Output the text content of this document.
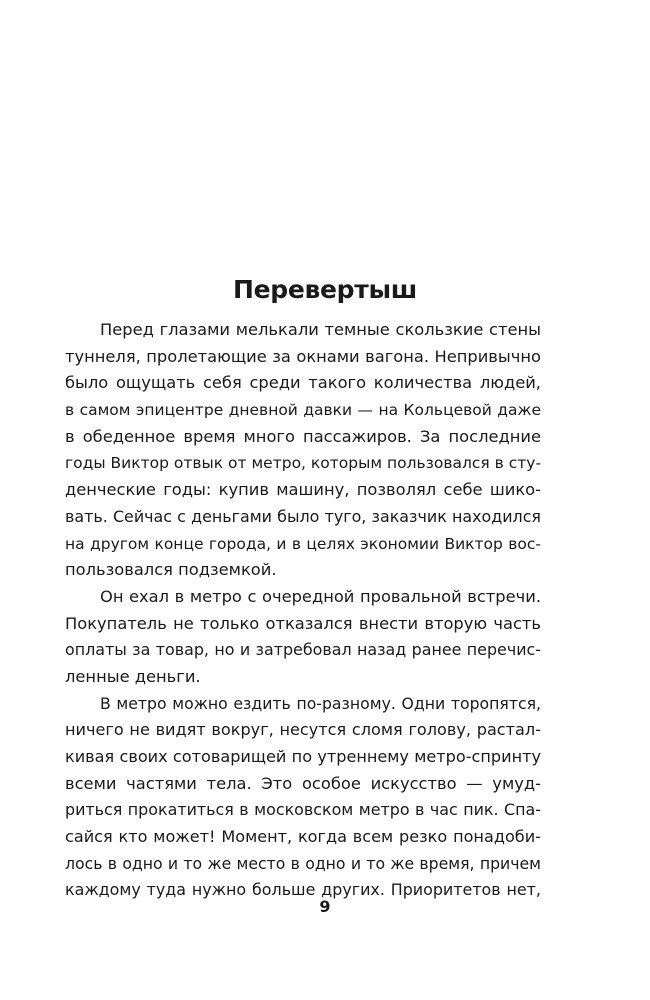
Перевертыш
Перед глазами мелькали темные скользкие стены
туннеля, пролетающие за окнами вагона. Непривычно
было ощущать себя среди такого количества людей,
в самом эпицентре дневной давки — на Кольцевой даже
в обеденное время много пассажиров. За последние
годы Виктор отвык от метро, которым пользовался в сту-
денческие годы: купив машину, позволял себе шико-
вать. Сейчас с деньгами было туго, заказчик находился
на другом конце города, и в целях экономии Виктор вос-
пользовался подземкой.
Он ехал в метро с очередной провальной встречи.
Покупатель не только отказался внести вторую часть
оплаты за товар, но и затребовал назад ранее перечис-
ленные деньги.
В метро можно ездить по-разному. Одни торопятся,
ничего не видят вокруг, несутся сломя голову, растал-
кивая своих сотоварищей по утреннему метро-спринту
всеми частями тела. Это особое искусство — умуд-
риться прокатиться в московском метро в час пик. Спа-
сайся кто может! Момент, когда всем резко понадоби-
лось в одно и то же место в одно и то же время, причем
каждому туда нужно больше других. Приоритетов нет,
9
